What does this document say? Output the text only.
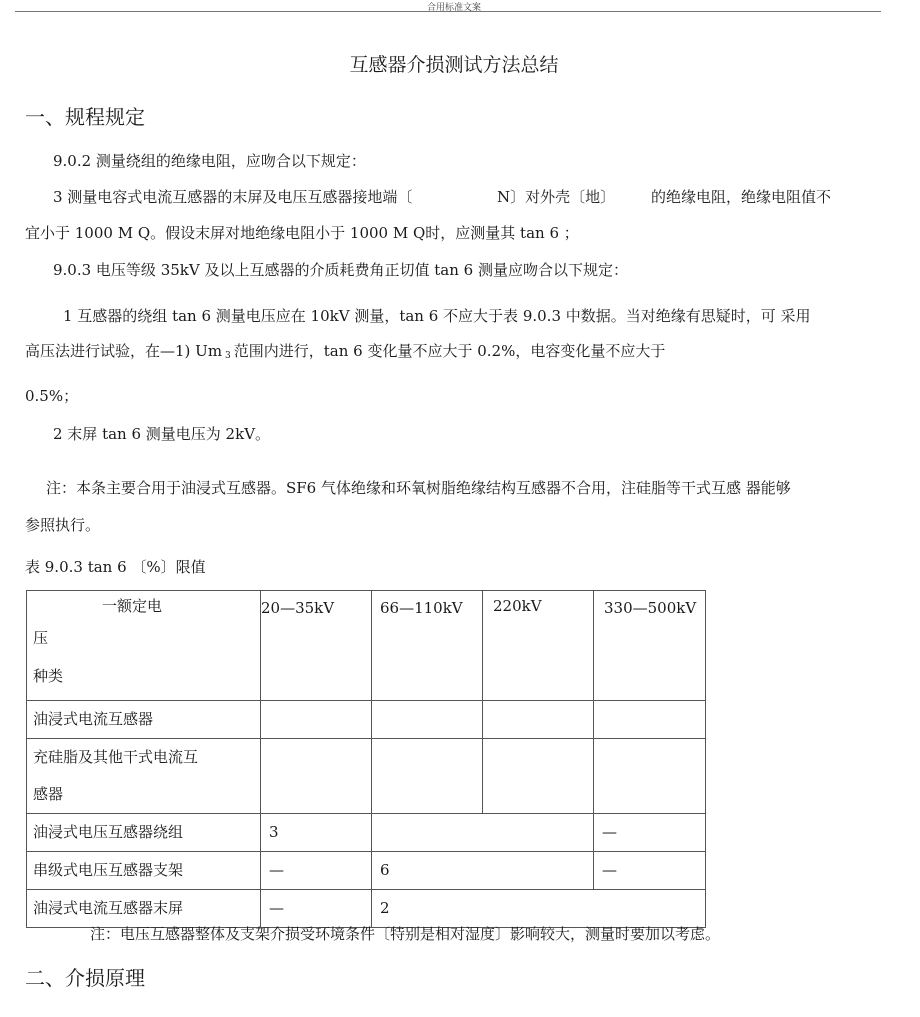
合用标准文案
互感器介损测试方法总结
一、规程规定
9.0.2 测量绕组的绝缘电阻，应吻合以下规定：
3 测量电容式电流互感器的末屏及电压互感器接地端〔	N〕对外壳〔地〕 的绝缘电阻，绝缘电阻值不
宜小于 1000 M Q。假设末屏对地绝缘电阻小于 1000 M Q时，应测量其 tan 6 ；
9.0.3 电压等级 35kV 及以上互感器的介质耗费角正切值 tan 6 测量应吻合以下规定：
1 互感器的绕组 tan 6 测量电压应在 10kV 测量，tan 6 不应大于表 9.0.3 中数据。当对绝缘有思疑时，可 采用
高压法进行试验，在—1) Um 3 范围内进行，tan 6 变化量不应大于 0.2%，电容变化量不应大于
0.5%；
2 末屏 tan 6 测量电压为 2kV。
注：本条主要合用于油浸式互感器。SF6 气体绝缘和环氧树脂绝缘结构互感器不合用，注硅脂等干式互感 器能够
参照执行。
表 9.0.3 tan 6 〔%〕限值
一额定电
压
种类	20—35kV	66—110kV	220kV	330—500kV

油浸式电流互感器				

充硅脂及其他干式电流互
感器				

油浸式电压互感器绕组	3			—

串级式电压互感器支架	—	6		—

油浸式电流互感器末屏	—	2		
注：电压互感器整体及支架介损受环境条件〔特别是相对湿度〕影响较大，测量时要加以考虑。
二、介损原理
